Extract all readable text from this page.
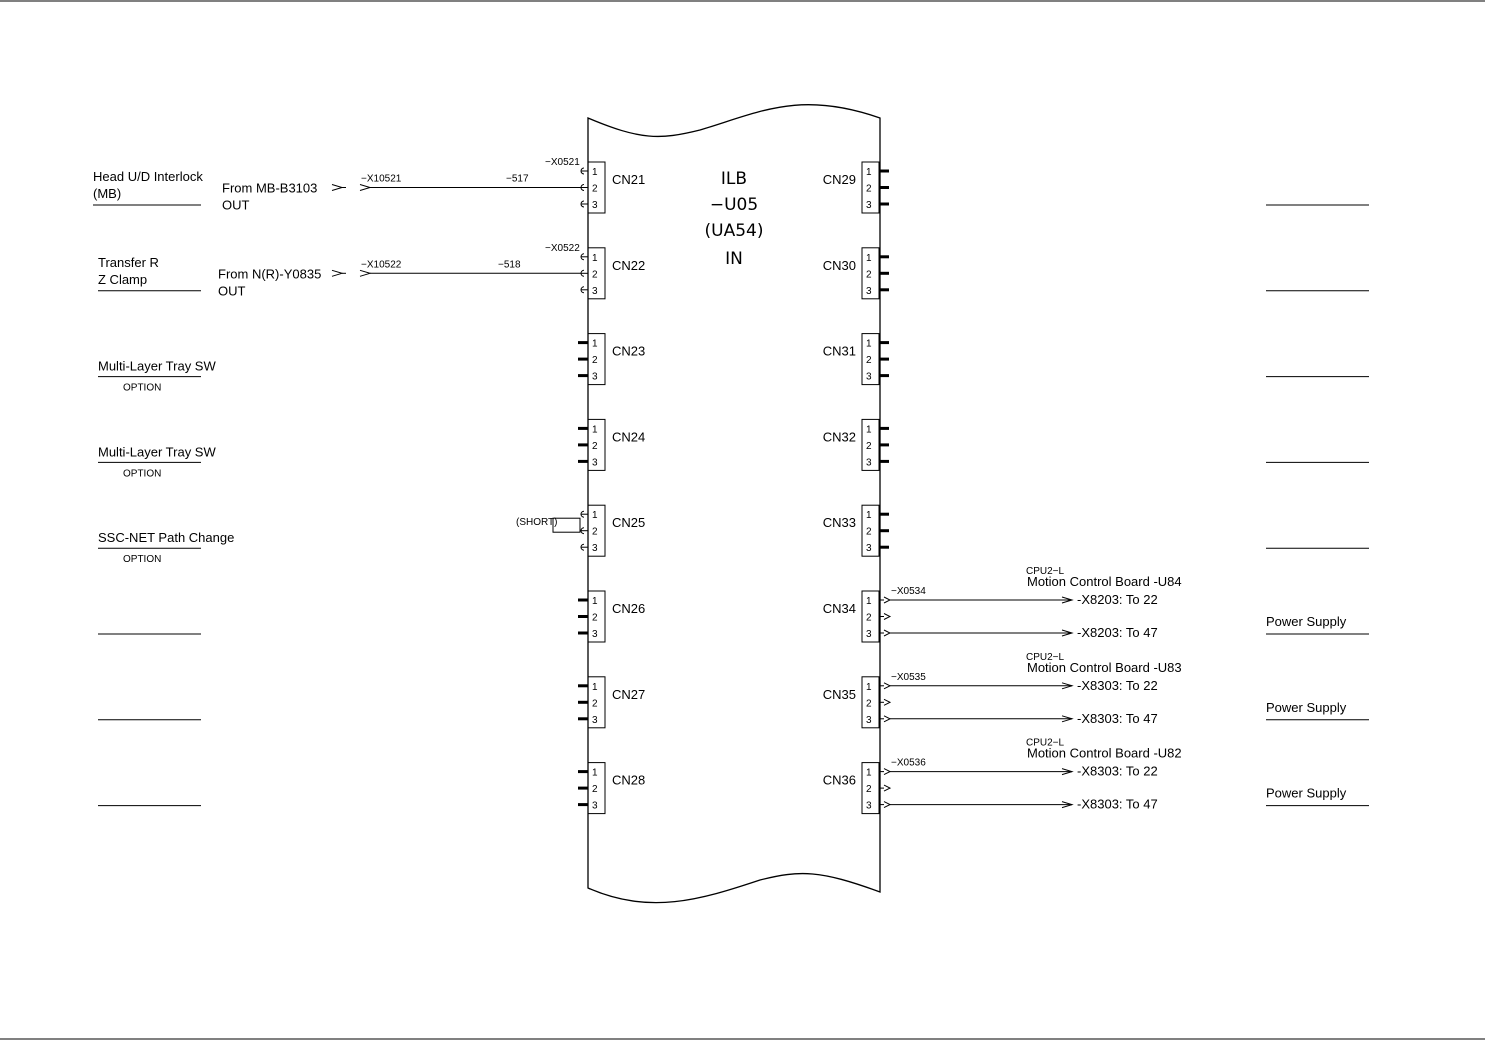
ILB
−U05
(UA54)
IN
CN21
1
2
3
−X0521
−X10521	−517
From MB-B3103
OUT
Head U/D Interlock
(MB)
CN22
1
2
3
−X0522
−X10522	−518
From N(R)-Y0835
OUT
Transfer R
Z Clamp
CN23
1
2
3
Multi-Layer Tray SW
OPTION
CN24
1
2
3
Multi-Layer Tray SW
OPTION
CN25
1
2
3
(SHORT)
SSC-NET Path Change
OPTION
CN26
1
2
3
CN27
1
2
3
CN28
1
2
3
CN29 1
2
3
CN30 1
2
3
CN31 1
2
3
CN32 1
2
3
CN33 1
2
3
CN34 1
2
3
Power Supply
−X0534
CPU2−L
Motion Control Board -U84
-X8203: To 22
-X8203: To 47
CN35 1
2
3
Power Supply
−X0535
CPU2−L
Motion Control Board -U83
-X8303: To 22
-X8303: To 47
CN36 1
2
3
Power Supply
−X0536
CPU2−L
Motion Control Board -U82
-X8303: To 22
-X8303: To 47
